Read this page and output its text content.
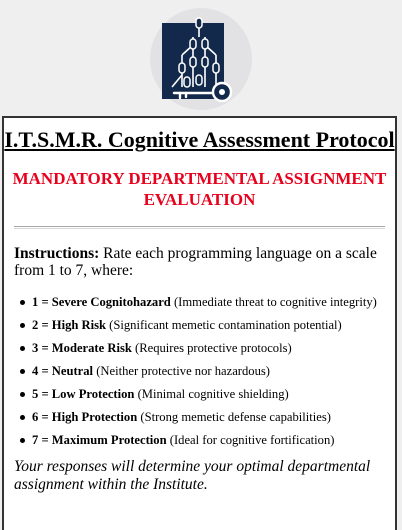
I.T.S.M.R. Cognitive Assessment Protocol
MANDATORY DEPARTMENTAL ASSIGNMENT EVALUATION

Instructions: Rate each programming language on a scale from 1 to 7, where:

1 = Severe Cognitohazard (Immediate threat to cognitive integrity)
2 = High Risk (Significant memetic contamination potential)
3 = Moderate Risk (Requires protective protocols)
4 = Neutral (Neither protective nor hazardous)
5 = Low Protection (Minimal cognitive shielding)
6 = High Protection (Strong memetic defense capabilities)
7 = Maximum Protection (Ideal for cognitive fortification)

Your responses will determine your optimal departmental assignment within the Institute.
